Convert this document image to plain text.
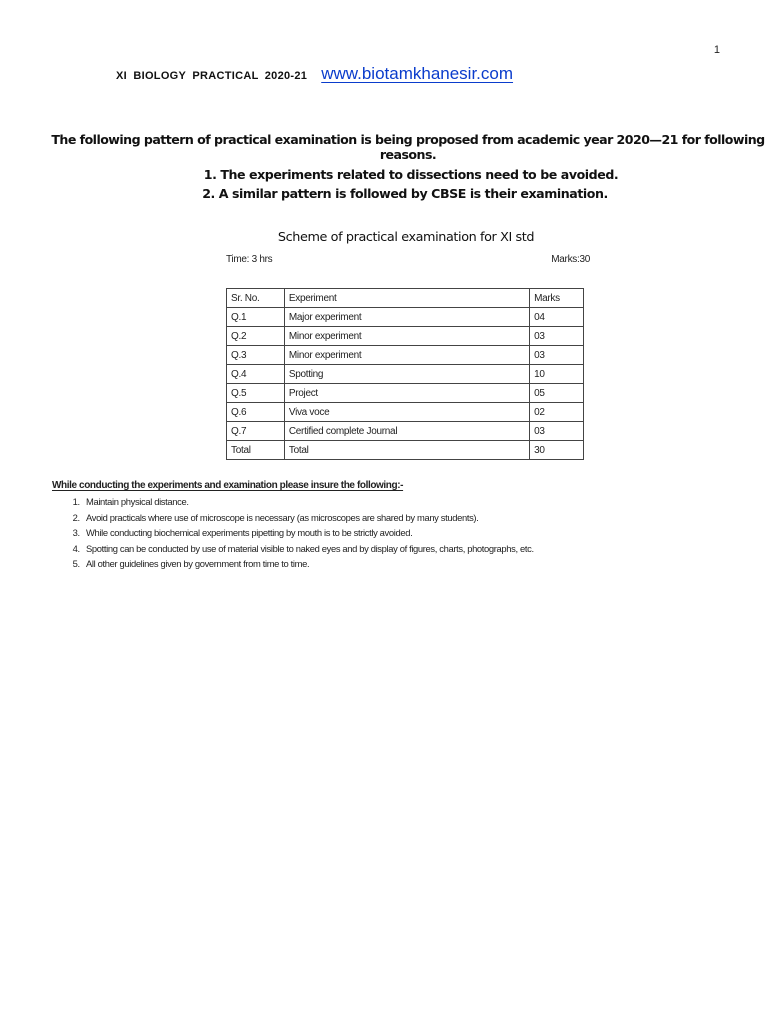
1
XI BIOLOGY PRACTICAL 2020-21 www.biotamkhanesir.com
The following pattern of practical examination is being proposed from academic year 2020—21 for following reasons.
1. The experiments related to dissections need to be avoided.
2. A similar pattern is followed by CBSE is their examination.
Scheme of practical examination for XI std
Time: 3 hrs	Marks:30
Sr. No.	Experiment	Marks
Q.1	Major experiment	04
Q.2	Minor experiment	03
Q.3	Minor experiment	03
Q.4	Spotting	10
Q.5	Project	05
Q.6	Viva voce	02
Q.7	Certified complete Journal	03
Total	Total	30
While conducting the experiments and examination please insure the following:-
1. Maintain physical distance.
2. Avoid practicals where use of microscope is necessary (as microscopes are shared by many students).
3. While conducting biochemical experiments pipetting by mouth is to be strictly avoided.
4. Spotting can be conducted by use of material visible to naked eyes and by display of figures, charts, photographs, etc.
5. All other guidelines given by government from time to time.
